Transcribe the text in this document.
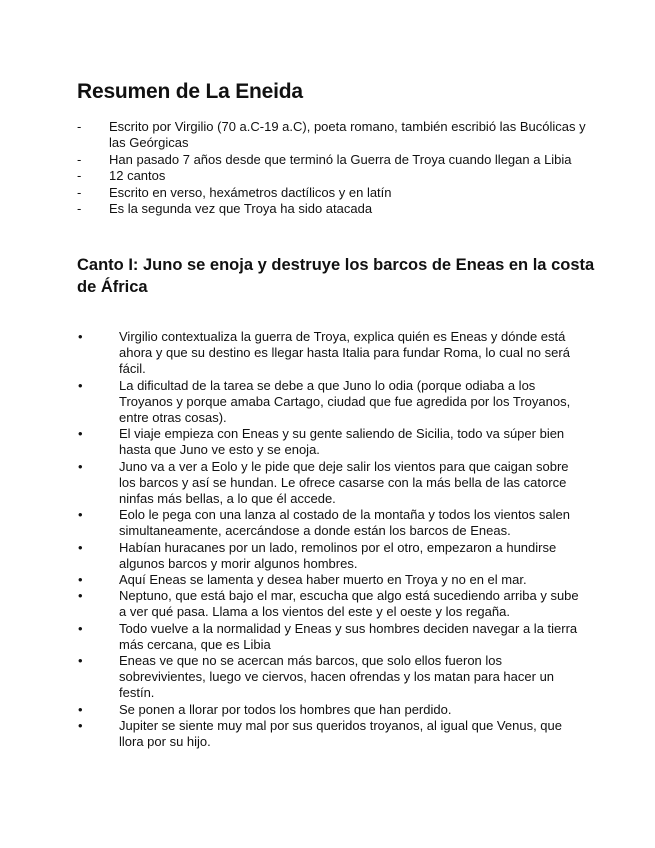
Resumen de La Eneida
- Escrito por Virgilio (70 a.C-19 a.C), poeta romano, también escribió las Bucólicas y las Geórgicas
- Han pasado 7 años desde que terminó la Guerra de Troya cuando llegan a Libia
- 12 cantos
- Escrito en verso, hexámetros dactílicos y en latín
- Es la segunda vez que Troya ha sido atacada
Canto I: Juno se enoja y destruye los barcos de Eneas en la costa de África
• Virgilio contextualiza la guerra de Troya, explica quién es Eneas y dónde está ahora y que su destino es llegar hasta Italia para fundar Roma, lo cual no será fácil.
• La dificultad de la tarea se debe a que Juno lo odia (porque odiaba a los Troyanos y porque amaba Cartago, ciudad que fue agredida por los Troyanos, entre otras cosas).
• El viaje empieza con Eneas y su gente saliendo de Sicilia, todo va súper bien hasta que Juno ve esto y se enoja.
• Juno va a ver a Eolo y le pide que deje salir los vientos para que caigan sobre los barcos y así se hundan. Le ofrece casarse con la más bella de las catorce ninfas más bellas, a lo que él accede.
• Eolo le pega con una lanza al costado de la montaña y todos los vientos salen simultaneamente, acercándose a donde están los barcos de Eneas.
• Habían huracanes por un lado, remolinos por el otro, empezaron a hundirse algunos barcos y morir algunos hombres.
• Aquí Eneas se lamenta y desea haber muerto en Troya y no en el mar.
• Neptuno, que está bajo el mar, escucha que algo está sucediendo arriba y sube a ver qué pasa. Llama a los vientos del este y el oeste y los regaña.
• Todo vuelve a la normalidad y Eneas y sus hombres deciden navegar a la tierra más cercana, que es Libia
• Eneas ve que no se acercan más barcos, que solo ellos fueron los sobrevivientes, luego ve ciervos, hacen ofrendas y los matan para hacer un festín.
• Se ponen a llorar por todos los hombres que han perdido.
• Jupiter se siente muy mal por sus queridos troyanos, al igual que Venus, que llora por su hijo.
